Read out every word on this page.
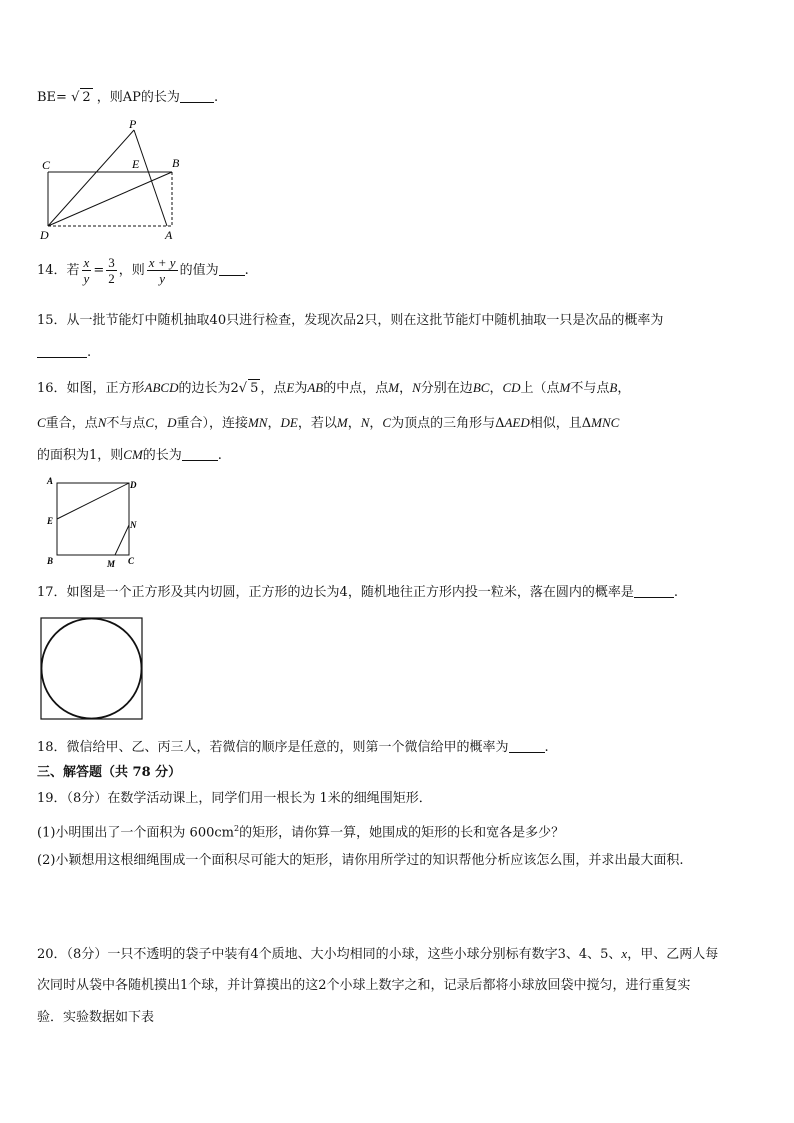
BE= √ 2 ，则AP的长为	.
P
C	E	B
D	A
14．若 $\frac{x}{y} = \frac{3}{2}$ ，则 $\frac{x + y}{y}$ 的值为 .
15．从一批节能灯中随机抽取40只进行检查，发现次品2只，则在这批节能灯中随机抽取一只是次品的概率为
.
16．如图，正方形ABCD的边长为2√ 5 ，点E为AB的中点，点M，N分别在边BC，CD上（点M不与点B，
C重合，点N不与点C，D重合），连接MN，DE，若以M，N，C为顶点的三角形与ΔAED相似，且ΔMNC
的面积为1，则CM的长为	.
A	D
E	N
B	M C
17．如图是一个正方形及其内切圆，正方形的边长为4，随机地往正方形内投一粒米，落在圆内的概率是	.
18．微信给甲、乙、丙三人，若微信的顺序是任意的，则第一个微信给甲的概率为	.
三、解答题（共 78 分）
19．（8分）在数学活动课上，同学们用一根长为 1米的细绳围矩形．
(1)小明围出了一个面积为 $600cm^2$的矩形，请你算一算，她围成的矩形的长和宽各是多少？
(2)小颖想用这根细绳围成一个面积尽可能大的矩形，请你用所学过的知识帮他分析应该怎么围，并求出最大面积.
20．（8分）一只不透明的袋子中装有4个质地、大小均相同的小球，这些小球分别标有数字3、4、5、x，甲、乙两人每
次同时从袋中各随机摸出1个球，并计算摸出的这2个小球上数字之和，记录后都将小球放回袋中搅匀，进行重复实
验．实验数据如下表
